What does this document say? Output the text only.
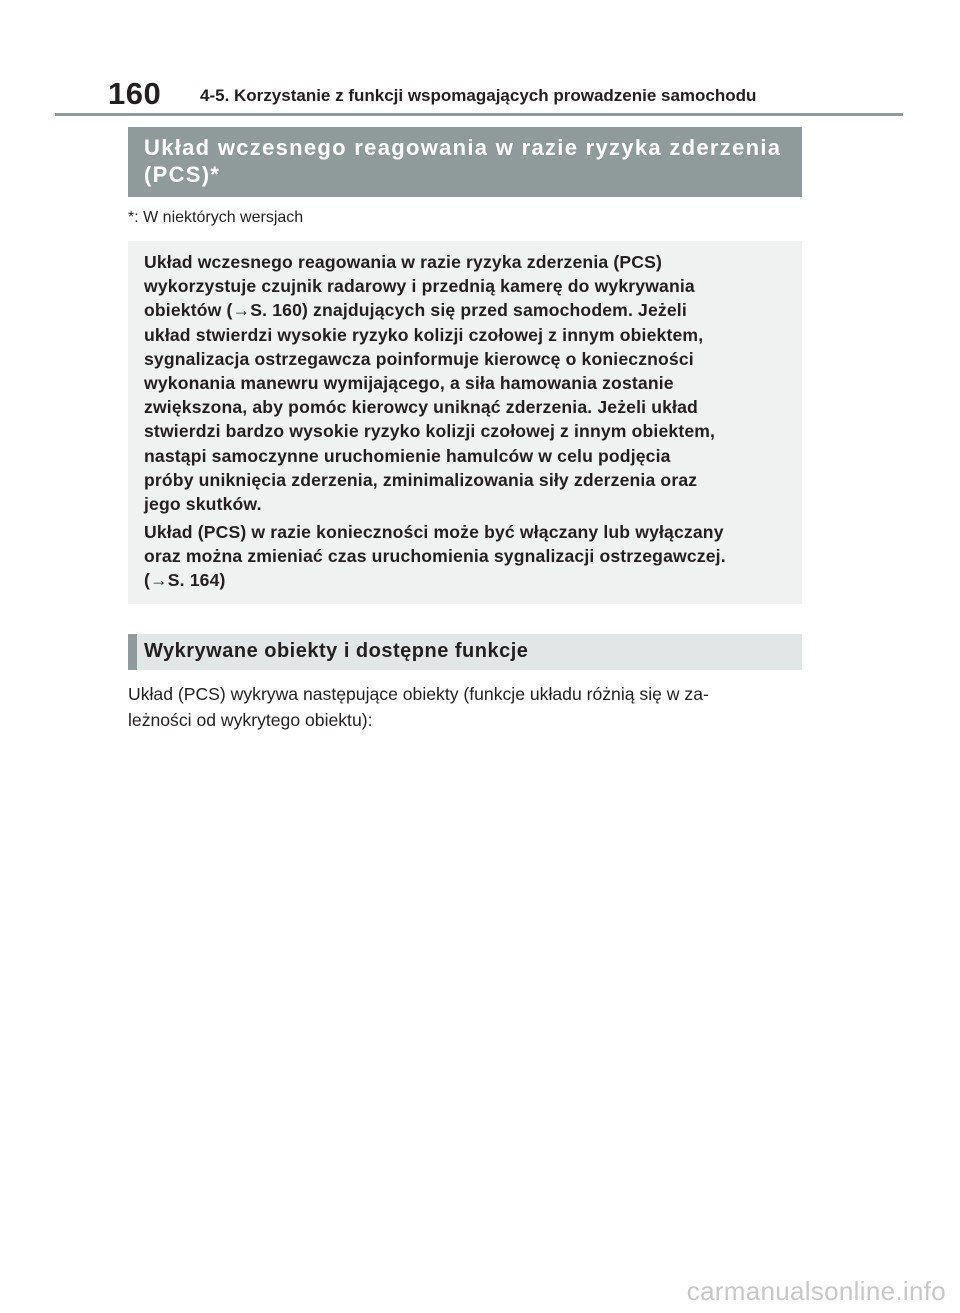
160 4-5. Korzystanie z funkcji wspomagających prowadzenie samochodu
Układ wczesnego reagowania w razie ryzyka zderzenia
(PCS)*
*: W niektórych wersjach

Układ wczesnego reagowania w razie ryzyka zderzenia (PCS)
wykorzystuje czujnik radarowy i przednią kamerę do wykrywania
obiektów (→S. 160) znajdujących się przed samochodem. Jeżeli
układ stwierdzi wysokie ryzyko kolizji czołowej z innym obiektem,
sygnalizacja ostrzegawcza poinformuje kierowcę o konieczności
wykonania manewru wymijającego, a siła hamowania zostanie
zwiększona, aby pomóc kierowcy uniknąć zderzenia. Jeżeli układ
stwierdzi bardzo wysokie ryzyko kolizji czołowej z innym obiektem,
nastąpi samoczynne uruchomienie hamulców w celu podjęcia
próby uniknięcia zderzenia, zminimalizowania siły zderzenia oraz
jego skutków.

Układ (PCS) w razie konieczności może być włączany lub wyłączany
oraz można zmieniać czas uruchomienia sygnalizacji ostrzegawczej.
(→S. 164)

Wykrywane obiekty i dostępne funkcje

Układ (PCS) wykrywa następujące obiekty (funkcje układu różnią się w za-
leżności od wykrytego obiektu):

carmanualsonline.info
